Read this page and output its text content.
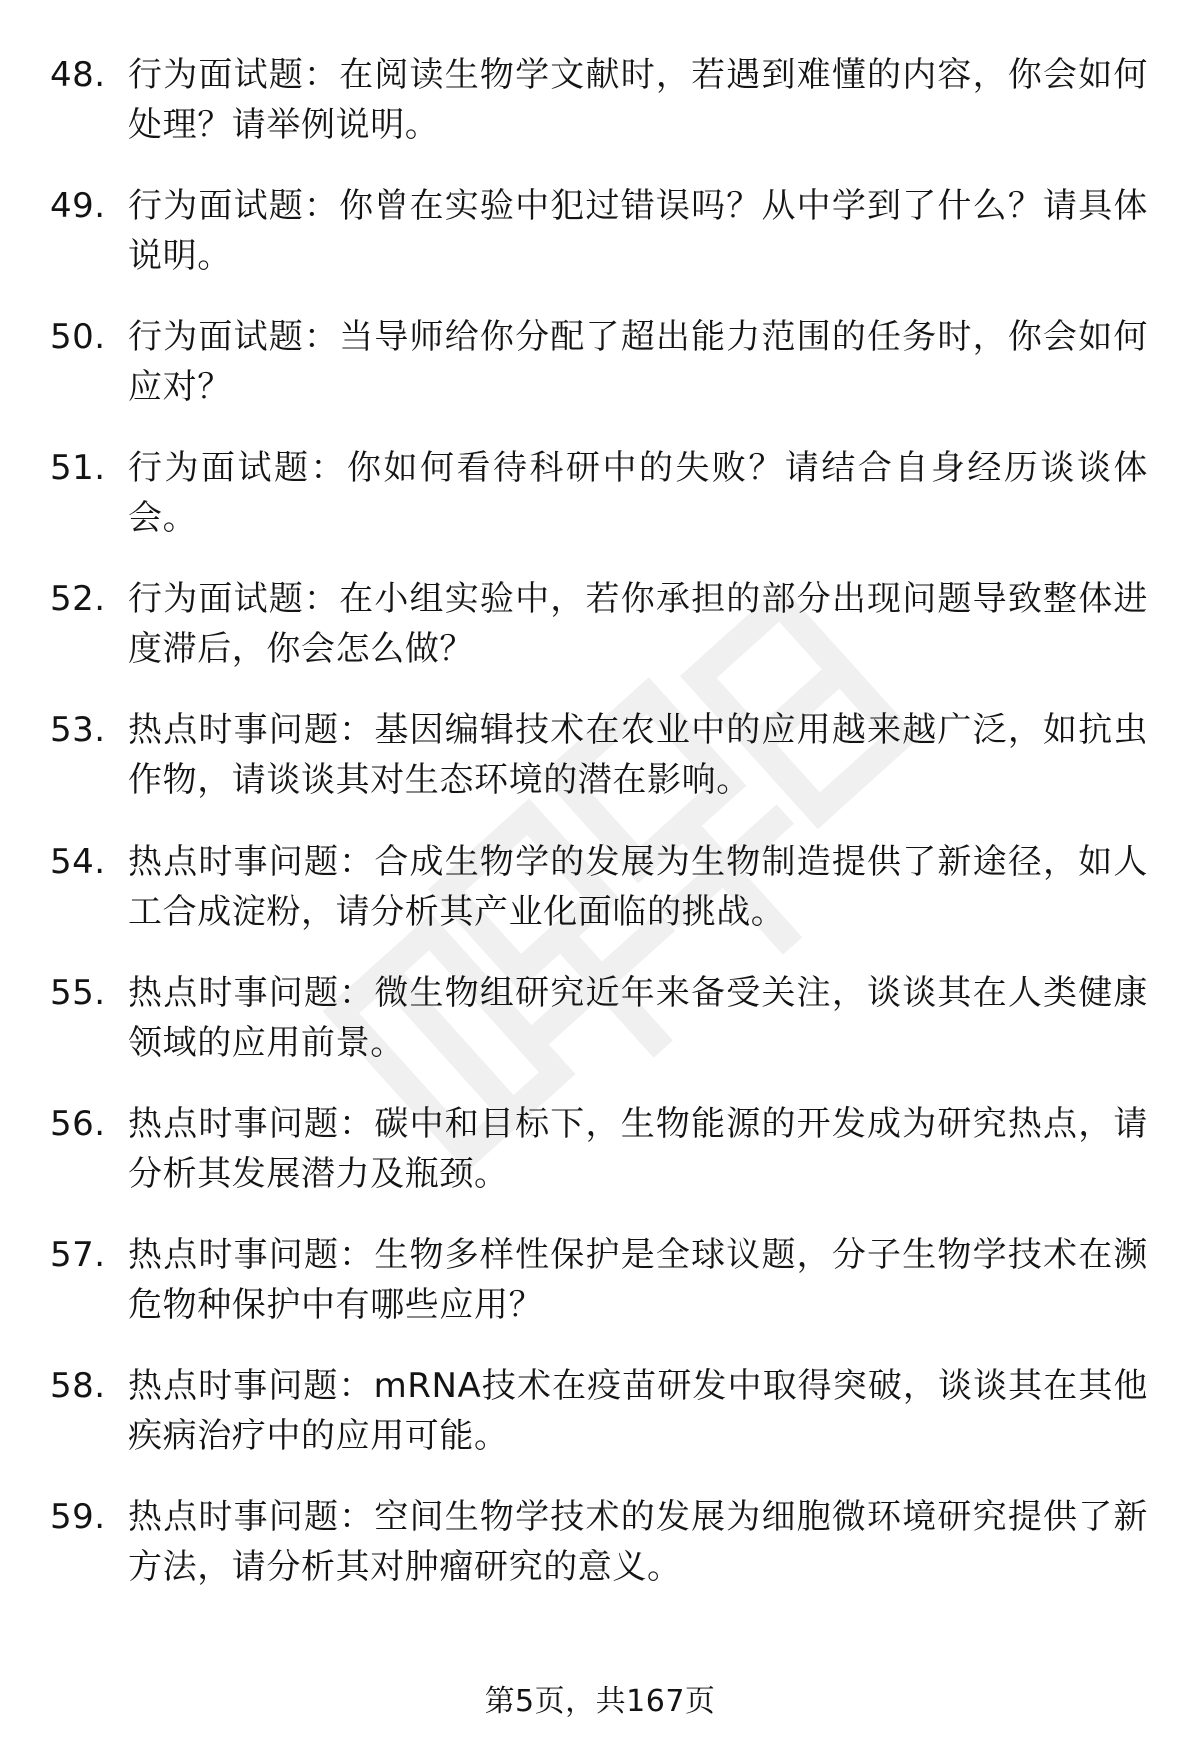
48. 行为面试题：在阅读生物学文献时，若遇到难懂的内容，你会如何处理？请举例说明。
49. 行为面试题：你曾在实验中犯过错误吗？从中学到了什么？请具体说明。
50. 行为面试题：当导师给你分配了超出能力范围的任务时，你会如何应对？
51. 行为面试题：你如何看待科研中的失败？请结合自身经历谈谈体会。
52. 行为面试题：在小组实验中，若你承担的部分出现问题导致整体进度滞后，你会怎么做？
53. 热点时事问题：基因编辑技术在农业中的应用越来越广泛，如抗虫作物，请谈谈其对生态环境的潜在影响。
54. 热点时事问题：合成生物学的发展为生物制造提供了新途径，如人工合成淀粉，请分析其产业化面临的挑战。
55. 热点时事问题：微生物组研究近年来备受关注，谈谈其在人类健康领域的应用前景。
56. 热点时事问题：碳中和目标下，生物能源的开发成为研究热点，请分析其发展潜力及瓶颈。
57. 热点时事问题：生物多样性保护是全球议题，分子生物学技术在濒危物种保护中有哪些应用？
58. 热点时事问题：mRNA技术在疫苗研发中取得突破，谈谈其在其他疾病治疗中的应用可能。
59. 热点时事问题：空间生物学技术的发展为细胞微环境研究提供了新方法，请分析其对肿瘤研究的意义。
第5页，共167页
